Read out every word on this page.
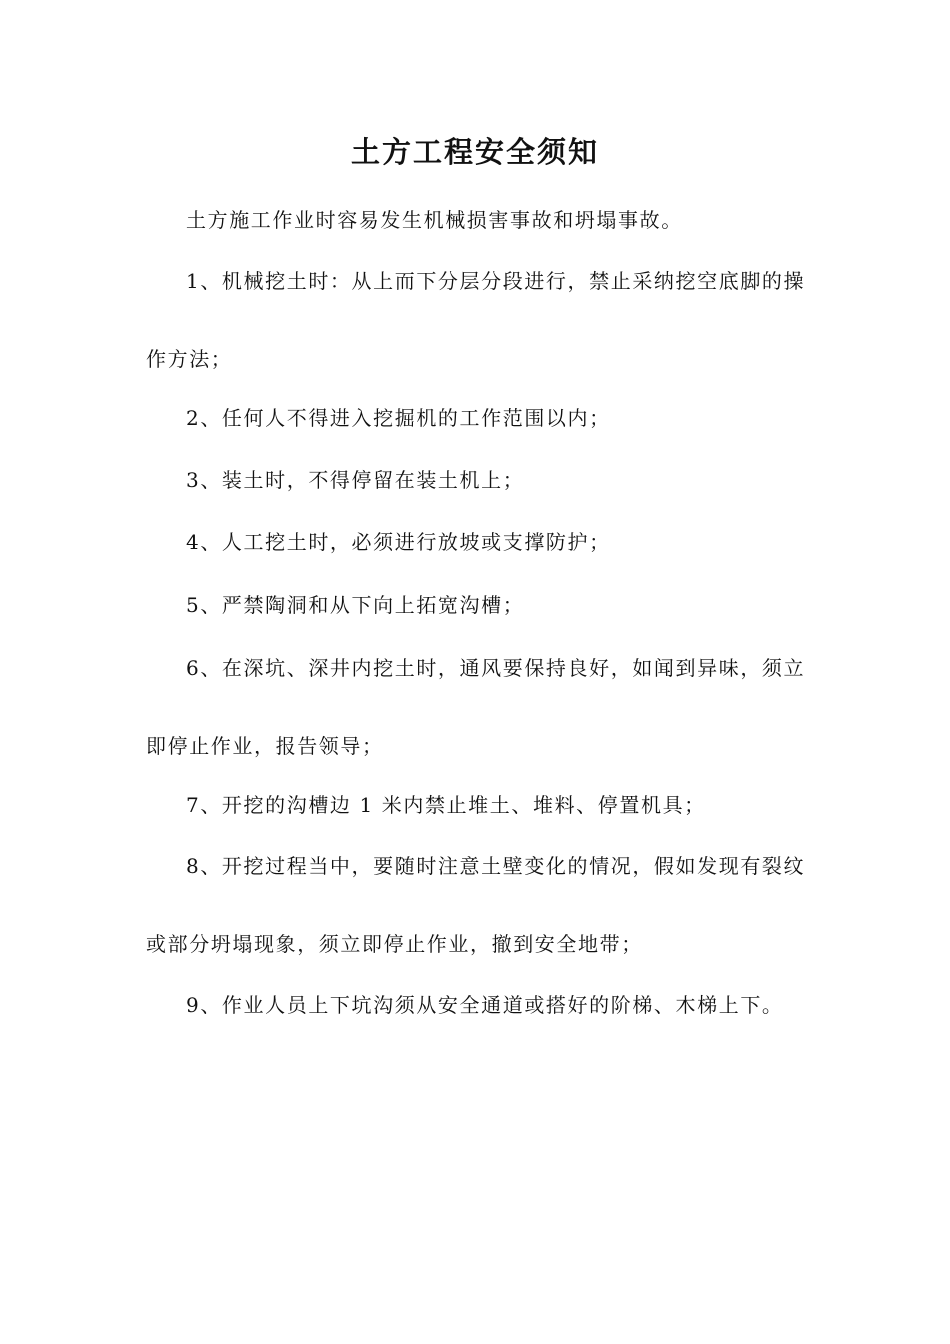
土方工程安全须知
土方施工作业时容易发生机械损害事故和坍塌事故。
1、机械挖土时：从上而下分层分段进行，禁止采纳挖空底脚的操作方法；
2、任何人不得进入挖掘机的工作范围以内；
3、装土时，不得停留在装土机上；
4、人工挖土时，必须进行放坡或支撑防护；
5、严禁陶洞和从下向上拓宽沟槽；
6、在深坑、深井内挖土时，通风要保持良好，如闻到异味，须立即停止作业，报告领导；
7、开挖的沟槽边 1 米内禁止堆土、堆料、停置机具；
8、开挖过程当中，要随时注意土壁变化的情况，假如发现有裂纹或部分坍塌现象，须立即停止作业，撤到安全地带；
9、作业人员上下坑沟须从安全通道或搭好的阶梯、木梯上下。
